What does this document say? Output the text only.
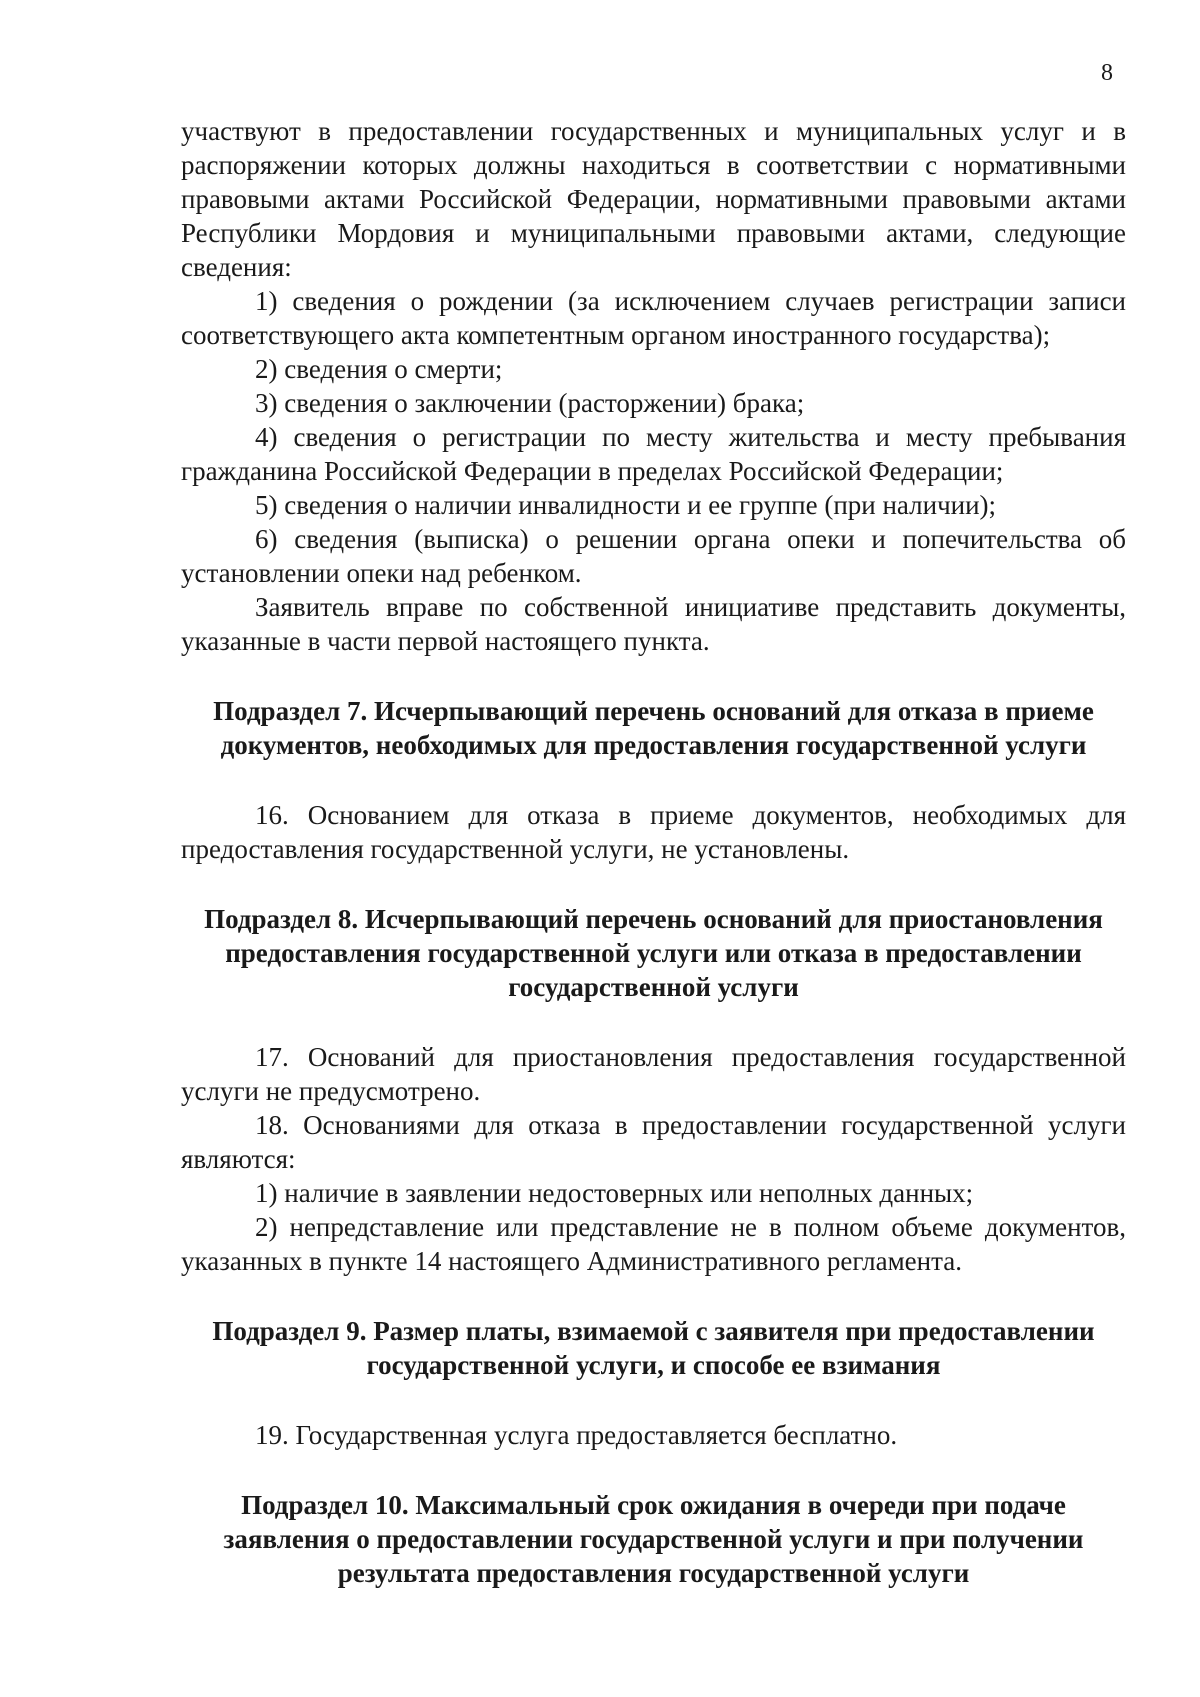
8

участвуют в предоставлении государственных и муниципальных услуг и в распоряжении которых должны находиться в соответствии с нормативными правовыми актами Российской Федерации, нормативными правовыми актами Республики Мордовия и муниципальными правовыми актами, следующие сведения:

1) сведения о рождении (за исключением случаев регистрации записи соответствующего акта компетентным органом иностранного государства);

2) сведения о смерти;

3) сведения о заключении (расторжении) брака;

4) сведения о регистрации по месту жительства и месту пребывания гражданина Российской Федерации в пределах Российской Федерации;

5) сведения о наличии инвалидности и ее группе (при наличии);

6) сведения (выписка) о решении органа опеки и попечительства об установлении опеки над ребенком.

Заявитель вправе по собственной инициативе представить документы, указанные в части первой настоящего пункта.

Подраздел 7. Исчерпывающий перечень оснований для отказа в приеме документов, необходимых для предоставления государственной услуги

16. Основанием для отказа в приеме документов, необходимых для предоставления государственной услуги, не установлены.

Подраздел 8. Исчерпывающий перечень оснований для приостановления предоставления государственной услуги или отказа в предоставлении государственной услуги

17. Оснований для приостановления предоставления государственной услуги не предусмотрено.

18. Основаниями для отказа в предоставлении государственной услуги являются:

1) наличие в заявлении недостоверных или неполных данных;

2) непредставление или представление не в полном объеме документов, указанных в пункте 14 настоящего Административного регламента.

Подраздел 9. Размер платы, взимаемой с заявителя при предоставлении государственной услуги, и способе ее взимания

19. Государственная услуга предоставляется бесплатно.

Подраздел 10. Максимальный срок ожидания в очереди при подаче заявления о предоставлении государственной услуги и при получении результата предоставления государственной услуги
